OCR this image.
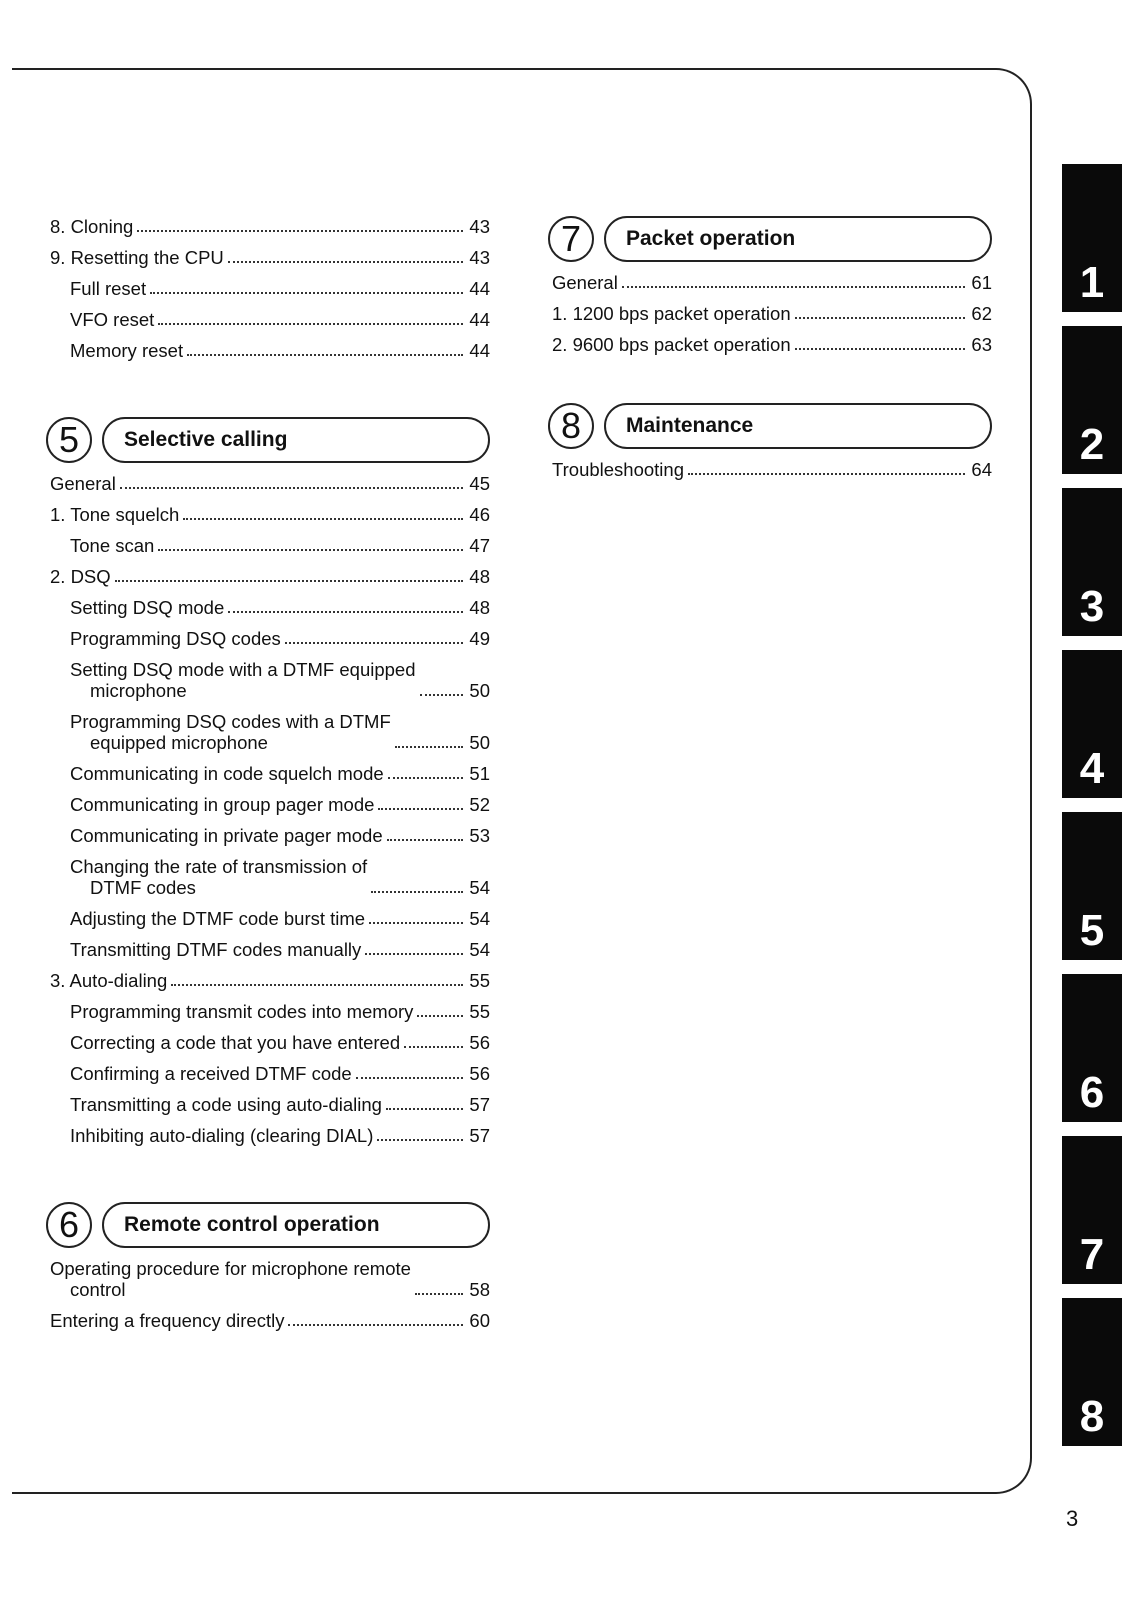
8. Cloning	43
9. Resetting the CPU	43
Full reset	44
VFO reset	44
Memory reset	44
5	Selective calling
General	45
1. Tone squelch	46
Tone scan	47
2. DSQ	48
Setting DSQ mode	48
Programming DSQ codes	49
Setting DSQ mode with a DTMF equipped
microphone	50
Programming DSQ codes with a DTMF
equipped microphone	50
Communicating in code squelch mode	51
Communicating in group pager mode	52
Communicating in private pager mode	53
Changing the rate of transmission of
DTMF codes	54
Adjusting the DTMF code burst time	54
Transmitting DTMF codes manually	54
3. Auto-dialing	55
Programming transmit codes into memory	55
Correcting a code that you have entered	56
Confirming a received DTMF code	56
Transmitting a code using auto-dialing	57
Inhibiting auto-dialing (clearing DIAL)	57
6	Remote control operation
Operating procedure for microphone remote
control	58
Entering a frequency directly	60
7	Packet operation
General	61
1. 1200 bps packet operation	62
2. 9600 bps packet operation	63
8	Maintenance
Troubleshooting	64
1
2
3
4
5
6
7
8
3
